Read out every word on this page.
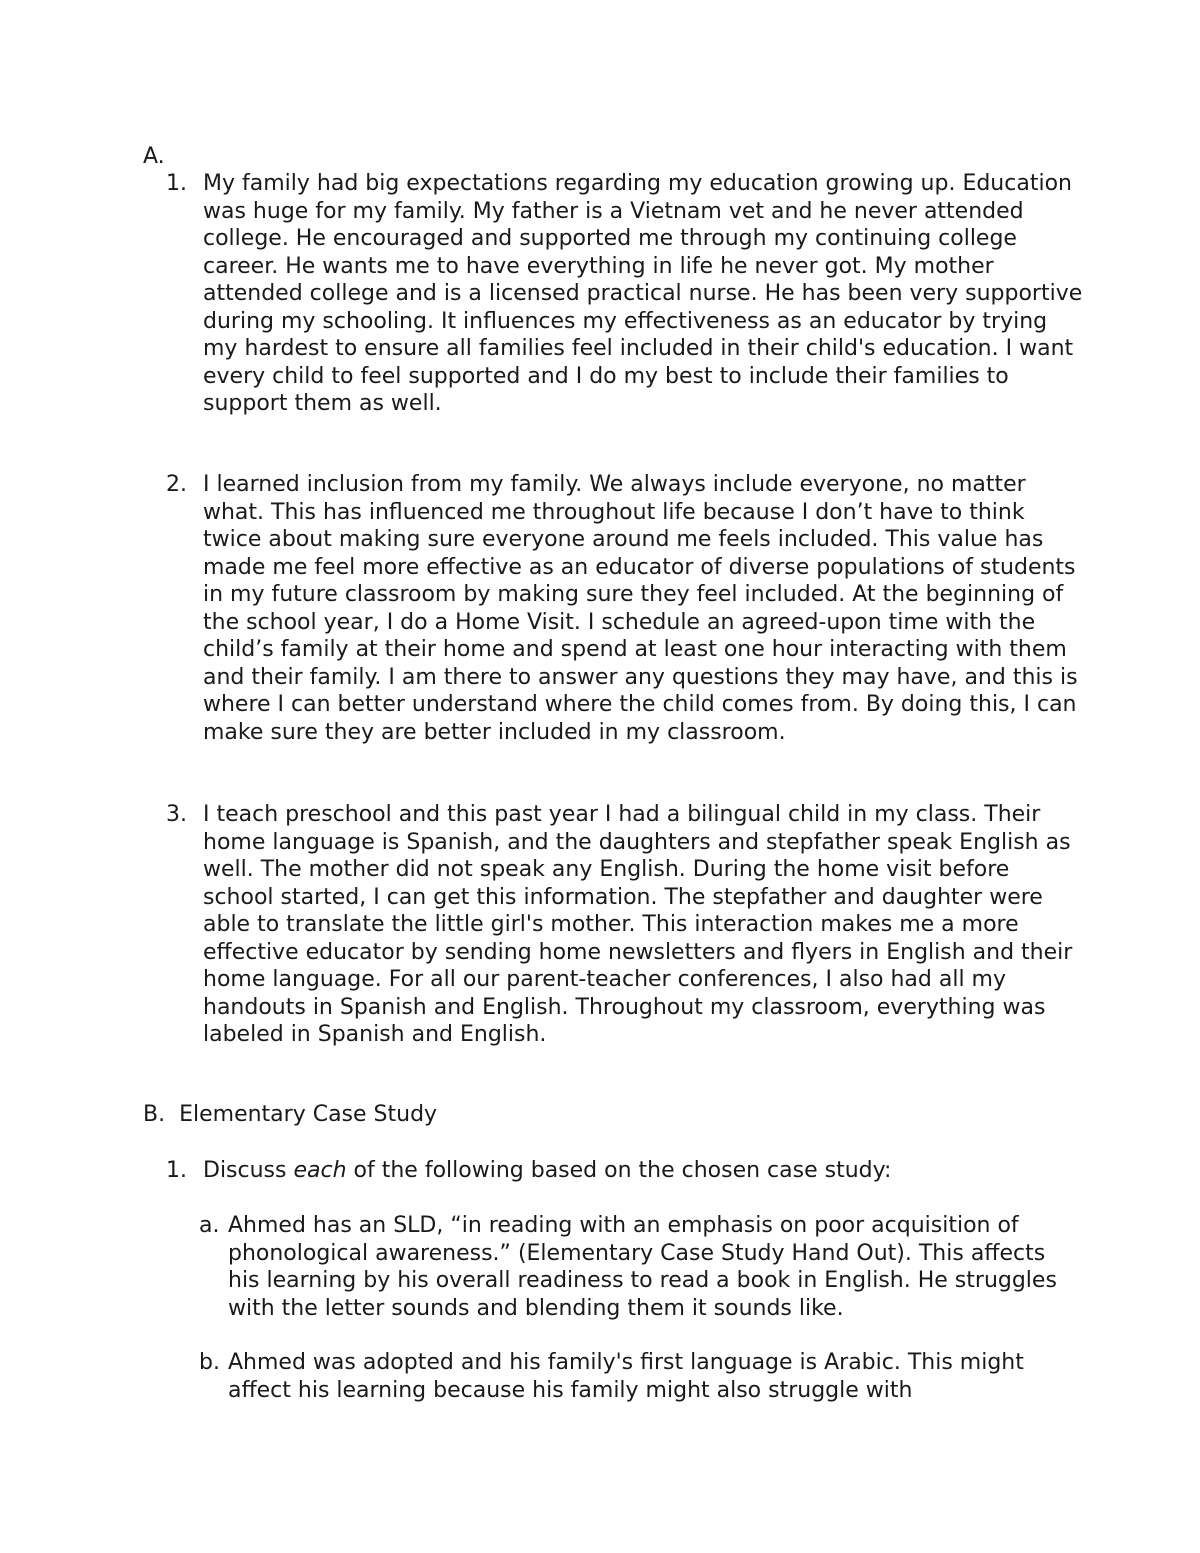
A.

1. My family had big expectations regarding my education growing up. Education was huge for my family. My father is a Vietnam vet and he never attended college. He encouraged and supported me through my continuing college career. He wants me to have everything in life he never got. My mother attended college and is a licensed practical nurse. He has been very supportive during my schooling. It influences my effectiveness as an educator by trying my hardest to ensure all families feel included in their child's education. I want every child to feel supported and I do my best to include their families to support them as well.

2. I learned inclusion from my family. We always include everyone, no matter what. This has influenced me throughout life because I don’t have to think twice about making sure everyone around me feels included. This value has made me feel more effective as an educator of diverse populations of students in my future classroom by making sure they feel included. At the beginning of the school year, I do a Home Visit. I schedule an agreed-upon time with the child’s family at their home and spend at least one hour interacting with them and their family. I am there to answer any questions they may have, and this is where I can better understand where the child comes from. By doing this, I can make sure they are better included in my classroom.

3. I teach preschool and this past year I had a bilingual child in my class. Their home language is Spanish, and the daughters and stepfather speak English as well. The mother did not speak any English. During the home visit before school started, I can get this information. The stepfather and daughter were able to translate the little girl's mother. This interaction makes me a more effective educator by sending home newsletters and flyers in English and their home language. For all our parent-teacher conferences, I also had all my handouts in Spanish and English. Throughout my classroom, everything was labeled in Spanish and English.

B. Elementary Case Study

1. Discuss each of the following based on the chosen case study:

a. Ahmed has an SLD, “in reading with an emphasis on poor acquisition of phonological awareness.” (Elementary Case Study Hand Out). This affects his learning by his overall readiness to read a book in English. He struggles with the letter sounds and blending them it sounds like.

b. Ahmed was adopted and his family's first language is Arabic. This might affect his learning because his family might also struggle with
